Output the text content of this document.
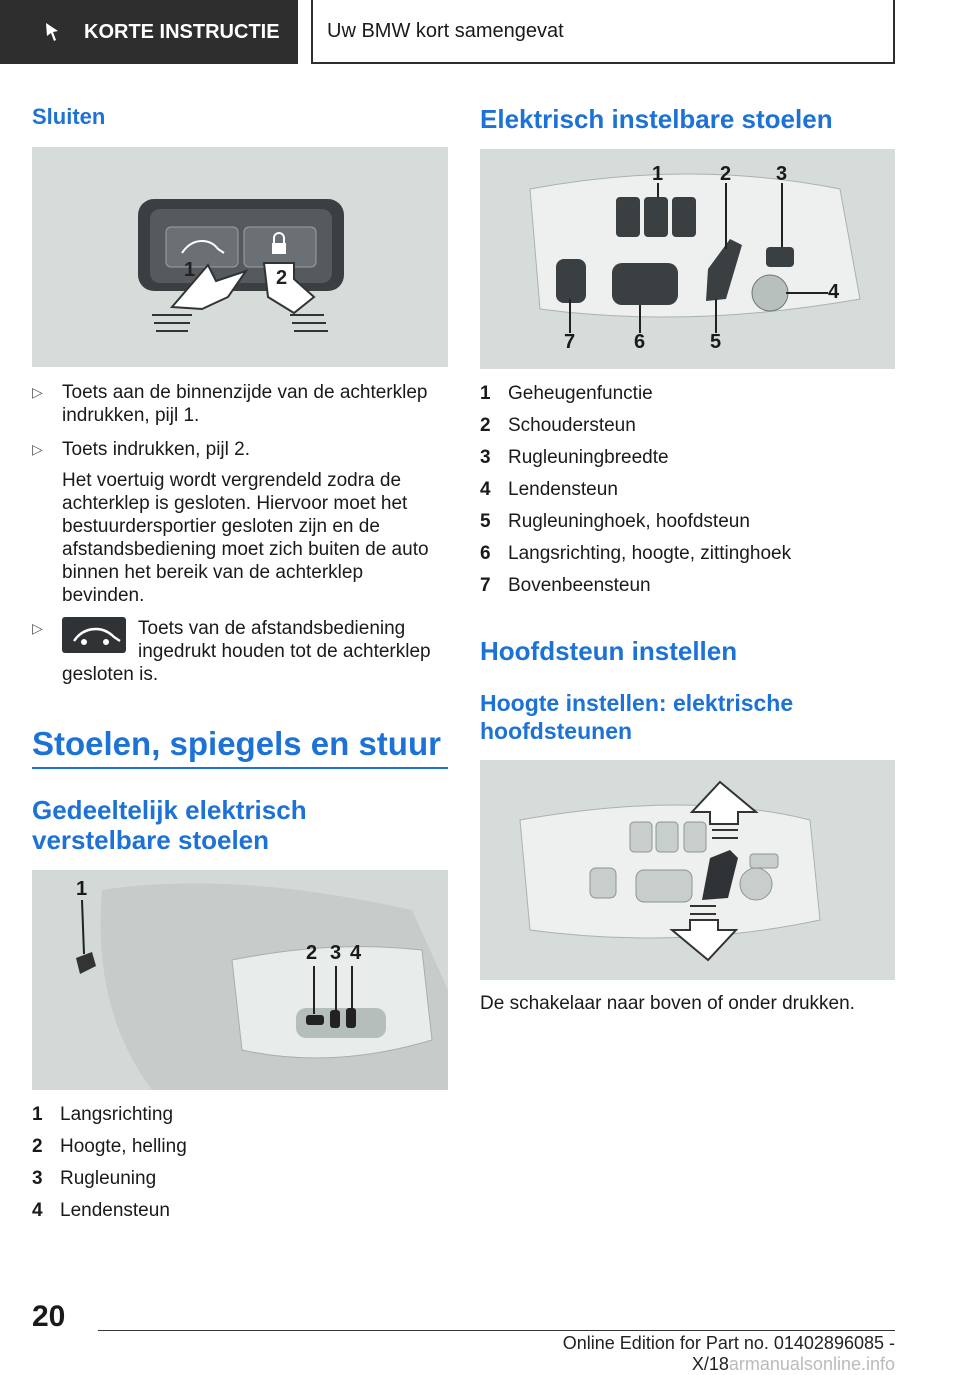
KORTE INSTRUCTIE Uw BMW kort samengevat
Sluiten
1	2
▷ Toets aan de binnenzijde van de achterklep indrukken, pijl 1.
▷ Toets indrukken, pijl 2.
Het voertuig wordt vergrendeld zodra de achterklep is gesloten. Hiervoor moet het bestuurdersportier gesloten zijn en de afstandsbediening moet zich buiten de auto binnen het bereik van de achterklep bevinden.
▷	Toets van de afstandsbediening ingedrukt houden tot de achterklep gesloten is.
Stoelen, spiegels en stuur
Gedeeltelijk elektrisch verstelbare stoelen
1
2 3 4
1 Langsrichting
2 Hoogte, helling
3 Rugleuning
4 Lendensteun
Elektrisch instelbare stoelen
1	2 3
4
5
6
7
1 Geheugenfunctie
2 Schoudersteun
3 Rugleuningbreedte
4 Lendensteun
5 Rugleuninghoek, hoofdsteun
6 Langsrichting, hoogte, zittinghoek
7 Bovenbeensteun
Hoofdsteun instellen
Hoogte instellen: elektrische hoofdsteunen

De schakelaar naar boven of onder drukken.

20
Online Edition for Part no. 01402896085 - X/18armanualsonline.info
